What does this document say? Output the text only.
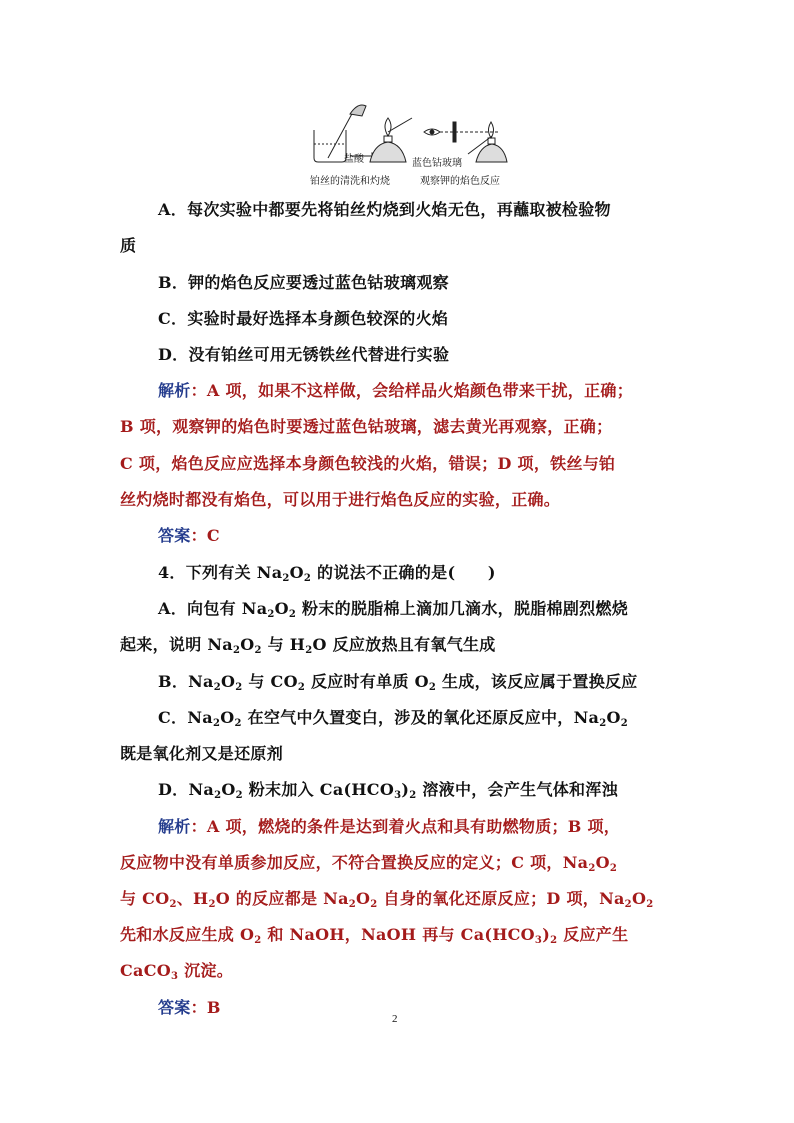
盐酸	蓝色钴玻璃
铂丝的清洗和灼烧	观察钾的焰色反应
A．每次实验中都要先将铂丝灼烧到火焰无色，再蘸取被检验物
质
B．钾的焰色反应要透过蓝色钴玻璃观察
C．实验时最好选择本身颜色较深的火焰
D．没有铂丝可用无锈铁丝代替进行实验
解析：A 项，如果不这样做，会给样品火焰颜色带来干扰，正确；
B 项，观察钾的焰色时要透过蓝色钴玻璃，滤去黄光再观察，正确；
C 项，焰色反应应选择本身颜色较浅的火焰，错误；D 项，铁丝与铂
丝灼烧时都没有焰色，可以用于进行焰色反应的实验，正确。
答案：C
4．下列有关 $Na_2O_2$ 的说法不正确的是(　　)
A．向包有 $Na_2O_2$ 粉末的脱脂棉上滴加几滴水，脱脂棉剧烈燃烧
起来，说明 $Na_2O_2$ 与 $H_2O$ 反应放热且有氧气生成
B．$Na_2O_2$ 与 $CO_2$ 反应时有单质 $O_2$ 生成，该反应属于置换反应
C．$Na_2O_2$ 在空气中久置变白，涉及的氧化还原反应中，$Na_2O_2$
既是氧化剂又是还原剂
D．$Na_2O_2$ 粉末加入 $Ca(HCO_3)_2$ 溶液中，会产生气体和浑浊
解析：A 项，燃烧的条件是达到着火点和具有助燃物质；B 项，
反应物中没有单质参加反应，不符合置换反应的定义；C 项，$Na_2O_2$
与 $CO_2$、$H_2O$ 的反应都是 $Na_2O_2$ 自身的氧化还原反应；D 项，$Na_2O_2$
先和水反应生成 $O_2$ 和 NaOH，NaOH 再与 $Ca(HCO_3)_2$ 反应产生
CaCO$_3$ 沉淀。
答案：B
2
